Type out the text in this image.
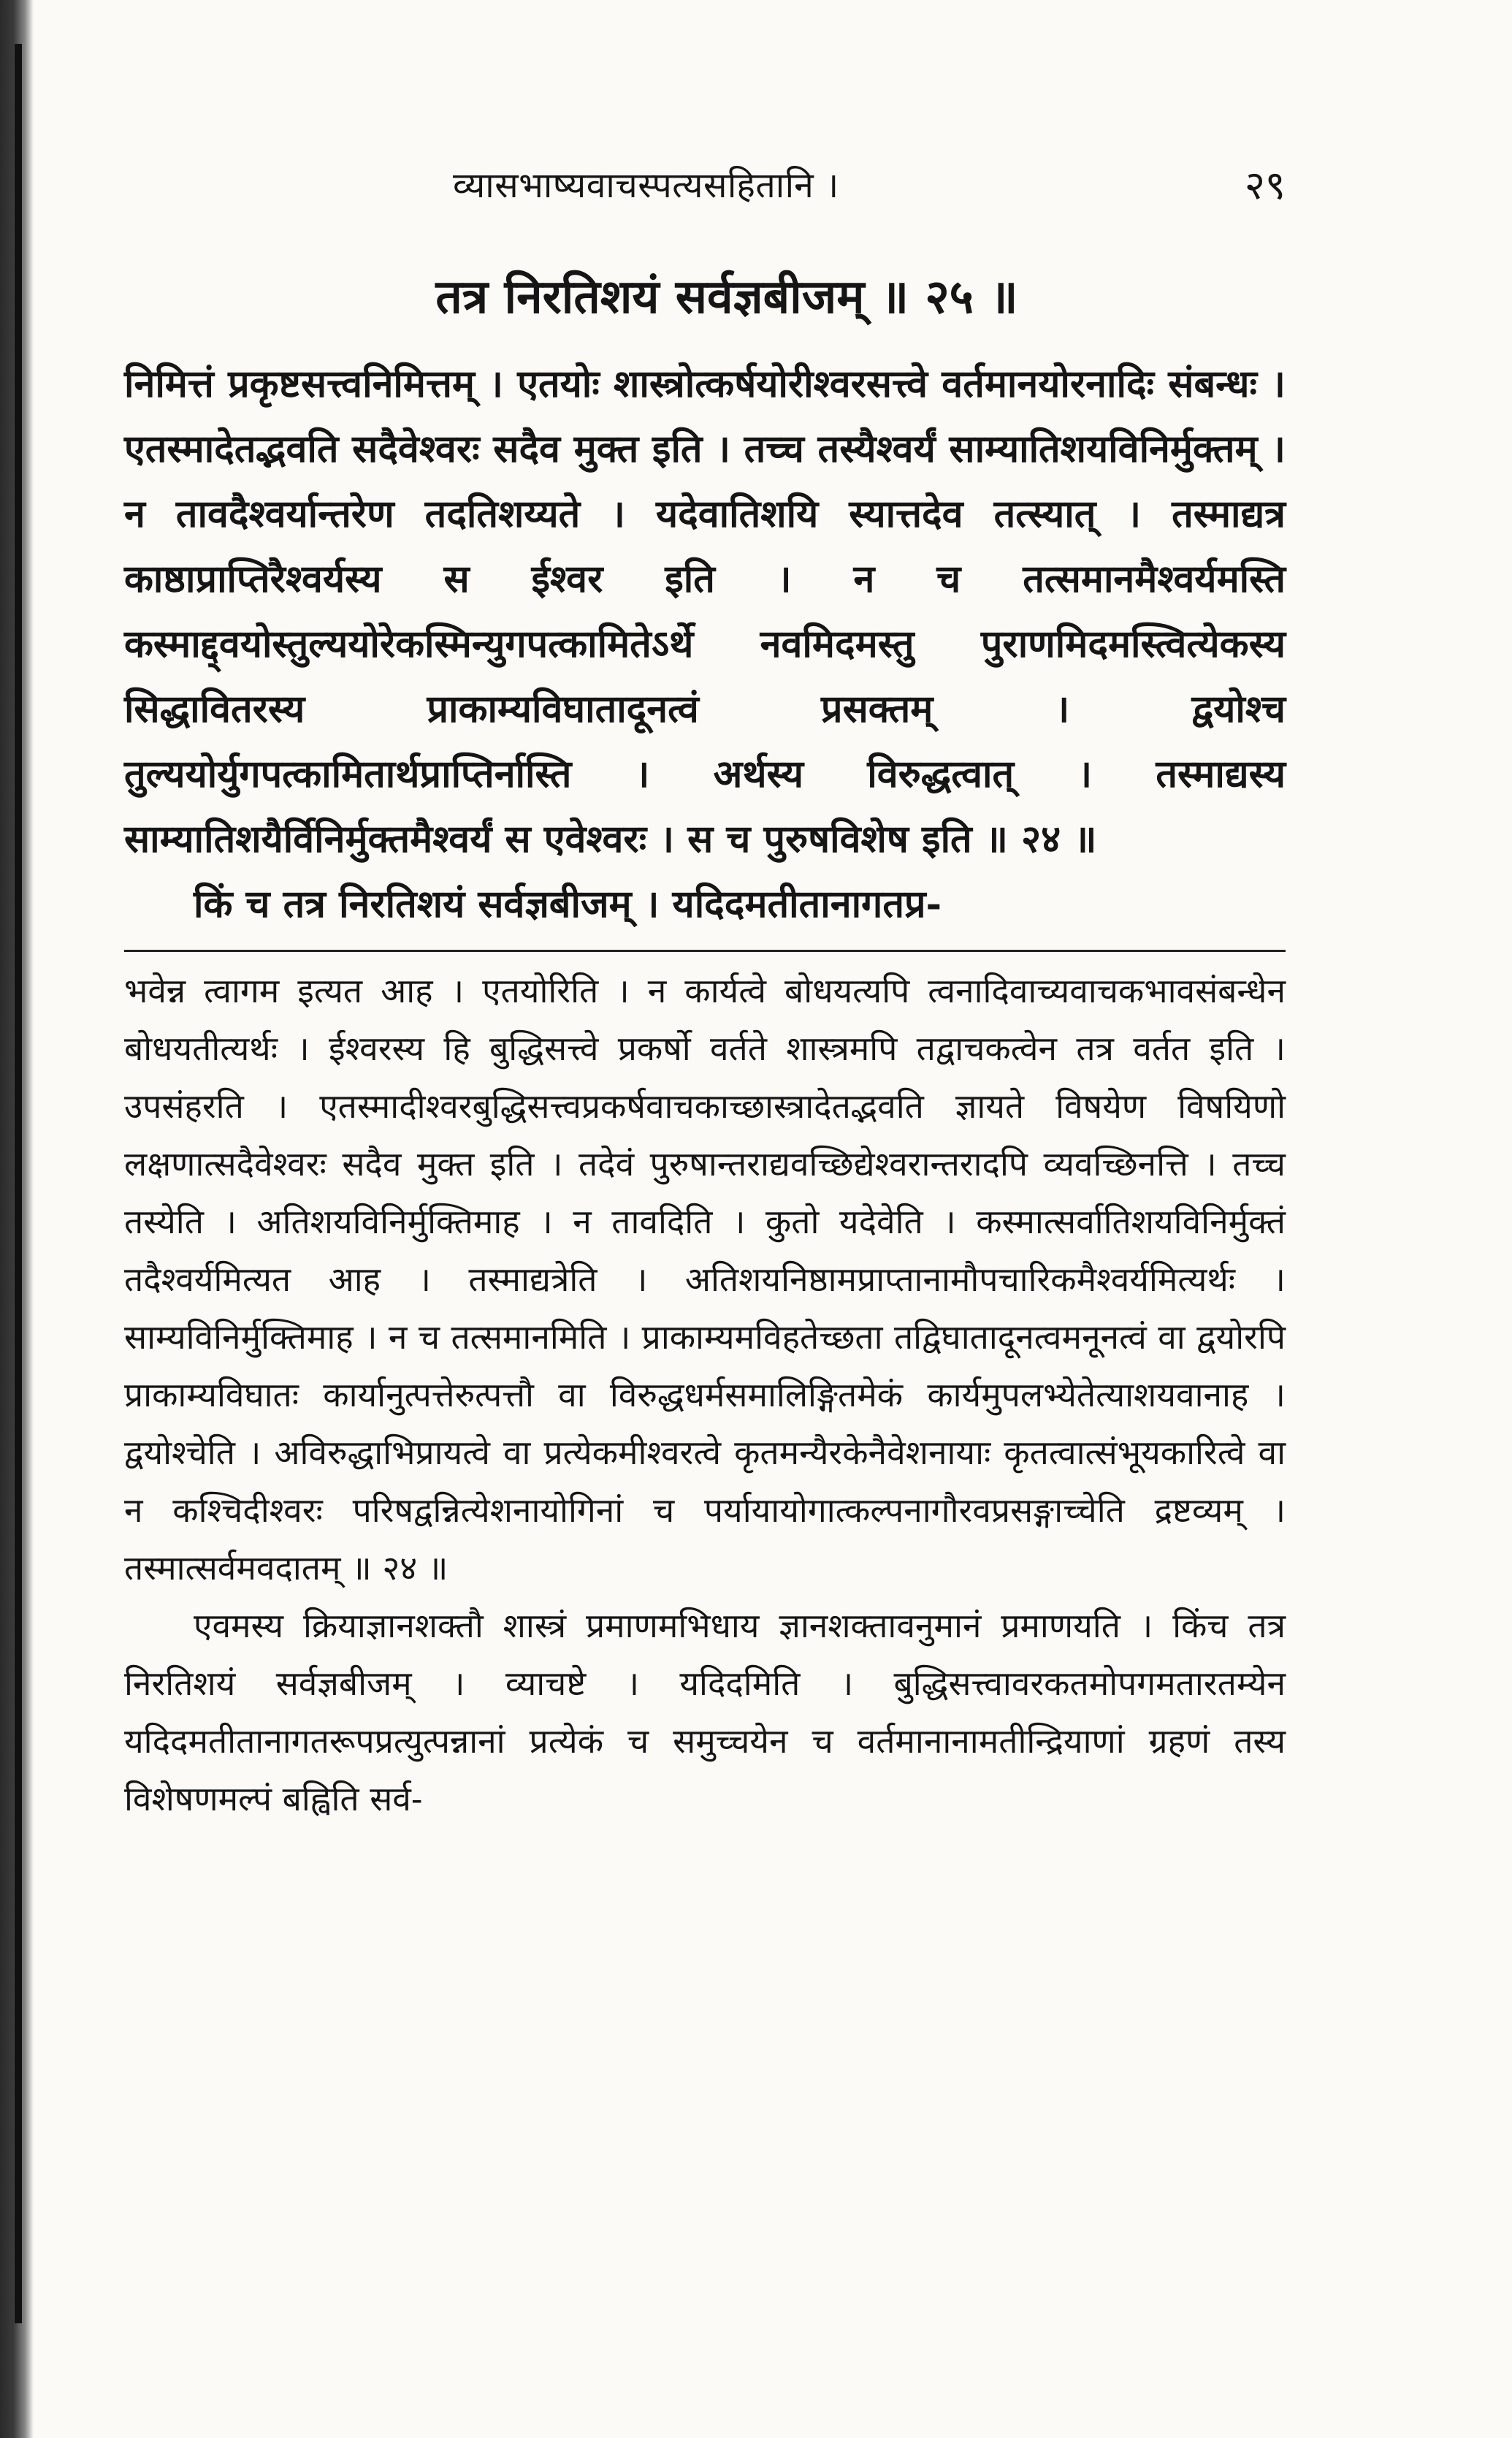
व्यासभाष्यवाचस्पत्यसहितानि ।	२९
तत्र निरतिशयं सर्वज्ञबीजम् ॥ २५ ॥

निमित्तं प्रकृष्टसत्त्वनिमित्तम् । एतयोः शास्त्रोत्कर्षयोरीश्वरसत्त्वे वर्तमानयोरनादिः संबन्धः । एतस्मादेतद्भवति सदैवेश्वरः सदैव मुक्त इति । तच्च तस्यैश्वर्यं साम्यातिशयविनिर्मुक्तम् । न तावदैश्वर्यान्तरेण तदतिशय्यते । यदेवातिशयि स्यात्तदेव तत्स्यात् । तस्माद्यत्र काष्ठाप्राप्तिरैश्वर्यस्य स ईश्वर इति । न च तत्समानमैश्वर्यमस्ति कस्माद्द्वयोस्तुल्ययोरेकस्मिन्युगपत्कामितेऽर्थे नवमिदमस्तु पुराणमिदमस्त्वित्येकस्य सिद्धावितरस्य प्राकाम्यविघातादूनत्वं प्रसक्तम् । द्वयोश्च तुल्ययोर्युगपत्कामितार्थप्राप्तिर्नास्ति । अर्थस्य विरुद्धत्वात् । तस्माद्यस्य साम्यातिशयैर्विनिर्मुक्तमैश्वर्यं स एवेश्वरः । स च पुरुषविशेष इति ॥ २४ ॥

किं च तत्र निरतिशयं सर्वज्ञबीजम् । यदिदमतीतानागतप्र-

भवेन्न त्वागम इत्यत आह । एतयोरिति । न कार्यत्वे बोधयत्यपि त्वनादिवाच्यवाचकभावसंबन्धेन बोधयतीत्यर्थः । ईश्वरस्य हि बुद्धिसत्त्वे प्रकर्षो वर्तते शास्त्रमपि तद्वाचकत्वेन तत्र वर्तत इति । उपसंहरति । एतस्मादीश्वरबुद्धिसत्त्वप्रकर्षवाचकाच्छास्त्रादेतद्भवति ज्ञायते विषयेण विषयिणो लक्षणात्सदैवेश्वरः सदैव मुक्त इति । तदेवं पुरुषान्तराद्यवच्छिद्येश्वरान्तरादपि व्यवच्छिनत्ति । तच्च तस्येति । अतिशयविनिर्मुक्तिमाह । न तावदिति । कुतो यदेवेति । कस्मात्सर्वातिशयविनिर्मुक्तं तदैश्वर्यमित्यत आह । तस्माद्यत्रेति । अतिशयनिष्ठामप्राप्तानामौपचारिकमैश्वर्यमित्यर्थः । साम्यविनिर्मुक्तिमाह । न च तत्समानमिति । प्राकाम्यमविहतेच्छता तद्विघातादूनत्वमनूनत्वं वा द्वयोरपि प्राकाम्यविघातः कार्यानुत्पत्तेरुत्पत्तौ वा विरुद्धधर्मसमालिङ्गितमेकं कार्यमुपलभ्येतेत्याशयवानाह । द्वयोश्चेति । अविरुद्धाभिप्रायत्वे वा प्रत्येकमीश्वरत्वे कृतमन्यैरकेनैवेशनायाः कृतत्वात्संभूयकारित्वे वा न कश्चिदीश्वरः परिषद्वन्नित्येशनायोगिनां च पर्यायायोगात्कल्पनागौरवप्रसङ्गाच्चेति द्रष्टव्यम् । तस्मात्सर्वमवदातम् ॥ २४ ॥

एवमस्य क्रियाज्ञानशक्तौ शास्त्रं प्रमाणमभिधाय ज्ञानशक्तावनुमानं प्रमाणयति । किंच तत्र निरतिशयं सर्वज्ञबीजम् । व्याचष्टे । यदिदमिति । बुद्धिसत्त्वावरकतमोपगमतारतम्येन यदिदमतीतानागतरूपप्रत्युत्पन्नानां प्रत्येकं च समुच्चयेन च वर्तमानानामतीन्द्रियाणां ग्रहणं तस्य विशेषणमल्पं बह्विति सर्व-
